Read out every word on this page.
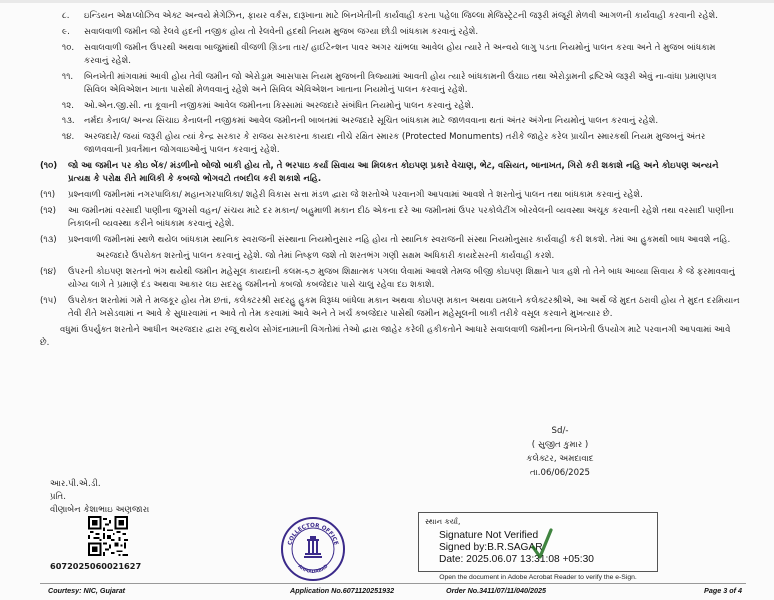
૮. ઇન્ડિયન એક્ષપ્લોઝિવ એક્ટ અન્વયે મેગેઝિન, ફાયર વર્કસ, દારૂખાના માટે બિનખેતીની કાર્યવાહી કરતા પહેલા જિલ્લા મેજિસ્ટ્રેટની જરૂરી મંજૂરી મેળવી આગળની કાર્યવાહી કરવાની રહેશે.
૯. સવાલવાળી જમીન જો રેલવે હદની નજીક હોય તો રેલવેની હદથી નિયમ મુજબ જગ્યા છોડી બાંધકામ કરવાનું રહેશે.
૧૦. સવાલવાળી જમીન ઉપરથી અથવા બાજુમાંથી વીજળી ગ્રિડના તાર/ હાઈટેન્શન પાવર અગર ચાંભલા આવેલ હોય ત્યારે તે અન્વયે લાગુ પડતા નિયમોનું પાલન કરવા અને તે મુજબ બાંધકામ કરવાનું રહેશે.
૧૧. બિનખેતી માંગવામાં આવી હોય તેવી જમીન જો એરોડ્રામ આસપાસ નિયમ મુજબની ત્રિજ્યામાં આવતી હોય ત્યારે બાંધકામની ઉંચાઇ તથા એરોડ્રામની દ્રષ્ટિએ જરૂરી એવું ના-વાંધા પ્રમાણપત્ર સિવિલ એવિએશન ખાતા પાસેથી મેળવવાનું રહેશે અને સિવિલ એવિએશન ખાતાના નિયમોનું પાલન કરવાનું રહેશે.
૧૨. ઓ.એન.જી.સી. ના કૂવાની નજીકમાં આવેલ જમીનના કિસ્સામાં અરજદારે સંબંધિત નિયમોનું પાલન કરવાનું રહેશે.
૧૩. નર્મદા કેનાલ/ અન્ય સિંચાઇ કેનાલની નજીકમાં આવેલ જમીનની બાબતમાં અરજદારે સૂચિત બાંધકામ માટે જાળવવાના થતાં અંતર અંગેના નિયમોનું પાલન કરવાનું રહેશે.
૧૪. અરજદારે/ જયાં જરૂરી હોય ત્યાં કેન્દ્ર સરકાર કે રાજય સરકારના કાયદા નીચે રક્ષિત સ્મારક (Protected Monuments) તરીકે જાહેર કરેલ પ્રાચીન સ્મારકથી નિયમ મુજબનું અંતર જાળવવાની પ્રવર્તમાન જોગવાઇઓનું પાલન કરવાનું રહેશે.
(૧૦) જો આ જમીન પર કોઇ બેંક/ મંડળીનો બોજો બાકી હોય તો, તે ભરપાઇ કર્યા સિવાય આ મિલકત કોઇપણ પ્રકારે વેચાણ, ભેટ, વસિયત, બાનાખત, ગિરો કરી શકાશે નહિ અને કોઇપણ અન્યને પ્રત્યક્ષ કે પરોક્ષ રીતે માલિકી કે કબજો ભોગવટો તબદીલ કરી શકાશે નહિ.
(૧૧) પ્રશ્નવાળી જમીનમાં નગરપાલિકા/ મહાનગરપાલિકા/ શહેરી વિકાસ સત્તા મંડળ દ્વારા જે શરતોએ પરવાનગી આપવામાં આવશે તે શરતોનું પાલન તથા બાંધકામ કરવાનું રહેશે.
(૧૨) આ જમીનમાં વરસાદી પાણીના જુગસી વહન/ સંચય માટે દર મકાન/ બહુમાળી મકાન દીઠ એકના દરે આ જમીનમાં ઉપર પરકોલેટીંગ બોરવેલની વ્યવસ્થા અચૂક કરવાની રહેશે તથા વરસાદી પાણીના નિકાલની વ્યવસ્થા કરીને બાંધકામ કરવાનું રહેશે.
(૧૩) પ્રશ્નવાળી જમીનમાં સ્થળે થયેલ બાંધકામ સ્થાનિક સ્વરાજની સંસ્થાના નિયમોનુસાર નહિ હોય તો સ્થાનિક સ્વરાજની સંસ્થા નિયમોનુસાર કાર્યવાહી કરી શકશે. તેમાં આ હુકમથી બાધ આવશે નહિ.
અરજદારે ઉપરોક્ત શરતોનું પાલન કરવાનું રહેશે. જો તેમાં નિષ્ફળ જશે તો શરતભંગ ગણી સક્ષમ અધિકારી કાયદેસરની કાર્યવાહી કરશે.
(૧૪) ઉપરની કોઇપણ શરતનો ભંગ થયેથી જમીન મહેસૂલ કાયદાની કલમ-૬૭ મુજબ શિક્ષાત્મક પગલા લેવામાં આવશે તેમજ બીજી કોઇપણ શિક્ષાને પાત્ર હશે તો તેને બાધ આવ્યા સિવાય કે જે ફરમાવવાનું યોગ્ય લાગે તે પ્રમાણે દંડ અથવા આકાર લઇ સદરહુ જમીનનો કબજો કબજેદાર પાસે ચાલુ રહેવા દઇ શકાશે.
(૧૫) ઉપરોક્ત શરતોમાં ગમે તે મજકૂર હોય તેમ છતાં, કલેક્ટરશ્રી સદરહુ હુકમ વિરૂધ્ધ બાંધેલા મકાન અથવા કોઇપણ મકાન અથવા ઇમલાને કલેક્ટરશ્રીએ, આ અર્થે જે મુદત ઠરાવી હોય તે મુદત દરમિયાન તેવી રીતે ખસેડવામાં ન આવે કે સુધારવામાં ન આવે તો તેમ કરવામાં આવે અને તે ખર્ચ કબજેદાર પાસેથી જમીન મહેસૂલની બાકી તરીકે વસૂલ કરવાને મુખત્યાર છે.
વધુમાં ઉપર્યુક્ત શરતોને આધીન અરજદાર દ્વારા રજૂ થયેલ સોગંદનામાની વિગતોમાં તેઓ દ્વારા જાહેર કરેલી હકીકતોને આધારે સવાલવાળી જમીનના બિનખેતી ઉપયોગ માટે પરવાનગી આપવામાં આવે છે.
Sd/-
( સુજીત કુમાર )
કલેક્ટર, અમદાવાદ
તા.06/06/2025
આર.પી.એ.ડી.
પ્રતિ.
વીણાબેન કેશાભાઇ અણજારા
6072025060021627
COLLECTOR OFFICE
AHMADABAD
સ્થાન કર્યા,
Signature Not Verified
Signed by:B.R.SAGAR
Date: 2025.06.07 13:31:08 +05:30
Open the document in Adobe Acrobat Reader to verify the e-Sign.
Courtesy: NIC, Gujarat	Application No.6071120251932	Order No.3411/07/11/040/2025	Page 3 of 4
